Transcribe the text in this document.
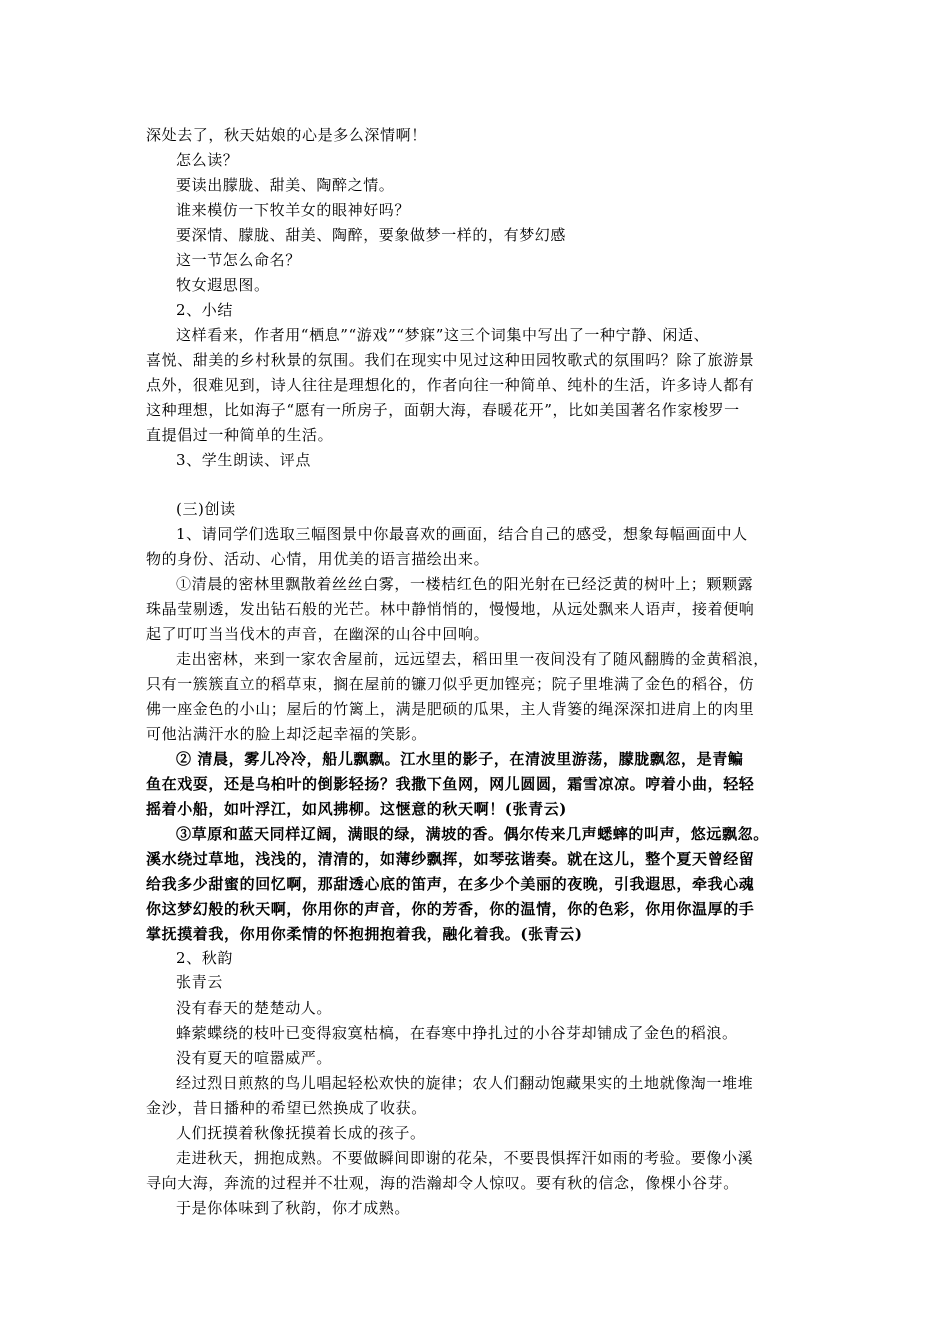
深处去了，秋天姑娘的心是多么深情啊！
怎么读？
要读出朦胧、甜美、陶醉之情。
谁来模仿一下牧羊女的眼神好吗？
要深情、朦胧、甜美、陶醉，要象做梦一样的，有梦幻感
这一节怎么命名？
牧女遐思图。
2、小结
这样看来，作者用“栖息”“游戏”“梦寐”这三个词集中写出了一种宁静、闲适、
喜悦、甜美的乡村秋景的氛围。我们在现实中见过这种田园牧歌式的氛围吗？除了旅游景
点外，很难见到，诗人往往是理想化的，作者向往一种简单、纯朴的生活，许多诗人都有
这种理想，比如海子“愿有一所房子，面朝大海，春暖花开”，比如美国著名作家梭罗一
直提倡过一种简单的生活。
3、学生朗读、评点
(三)创读
1、请同学们选取三幅图景中你最喜欢的画面，结合自己的感受，想象每幅画面中人
物的身份、活动、心情，用优美的语言描绘出来。
①清晨的密林里飘散着丝丝白雾，一楼桔红色的阳光射在已经泛黄的树叶上；颗颗露
珠晶莹剔透，发出钻石般的光芒。林中静悄悄的，慢慢地，从远处飘来人语声，接着便响
起了叮叮当当伐木的声音，在幽深的山谷中回响。
走出密林，来到一家农舍屋前，远远望去，稻田里一夜间没有了随风翻腾的金黄稻浪，
只有一簇簇直立的稻草束，搁在屋前的镰刀似乎更加铿亮；院子里堆满了金色的稻谷，仿
佛一座金色的小山；屋后的竹篱上，满是肥硕的瓜果，主人背篓的绳深深扣进肩上的肉里
可他沾满汗水的脸上却泛起幸福的笑影。
② 清晨，雾儿冷冷，船儿飘飘。江水里的影子，在清波里游荡，朦胧飘忽，是青鳊
鱼在戏耍，还是乌桕叶的倒影轻扬？我撒下鱼网，网儿圆圆，霜雪凉凉。哼着小曲，轻轻
摇着小船，如叶浮江，如风拂柳。这惬意的秋天啊！(张青云)
③草原和蓝天同样辽阔，满眼的绿，满坡的香。偶尔传来几声蟋蟀的叫声，悠远飘忽。
溪水绕过草地，浅浅的，清清的，如薄纱飘挥，如琴弦谐奏。就在这儿，整个夏天曾经留
给我多少甜蜜的回忆啊，那甜透心底的笛声，在多少个美丽的夜晚，引我遐思，牵我心魂
你这梦幻般的秋天啊，你用你的声音，你的芳香，你的温情，你的色彩，你用你温厚的手
掌抚摸着我，你用你柔情的怀抱拥抱着我，融化着我。(张青云)
2、秋韵
张青云
没有春天的楚楚动人。
蜂萦蝶绕的枝叶已变得寂寞枯槁，在春寒中挣扎过的小谷芽却铺成了金色的稻浪。
没有夏天的喧嚣威严。
经过烈日煎熬的鸟儿唱起轻松欢快的旋律；农人们翻动饱藏果实的土地就像淘一堆堆
金沙，昔日播种的希望已然换成了收获。
人们抚摸着秋像抚摸着长成的孩子。
走进秋天，拥抱成熟。不要做瞬间即谢的花朵，不要畏惧挥汗如雨的考验。要像小溪
寻向大海，奔流的过程并不壮观，海的浩瀚却令人惊叹。要有秋的信念，像棵小谷芽。
于是你体味到了秋韵，你才成熟。
